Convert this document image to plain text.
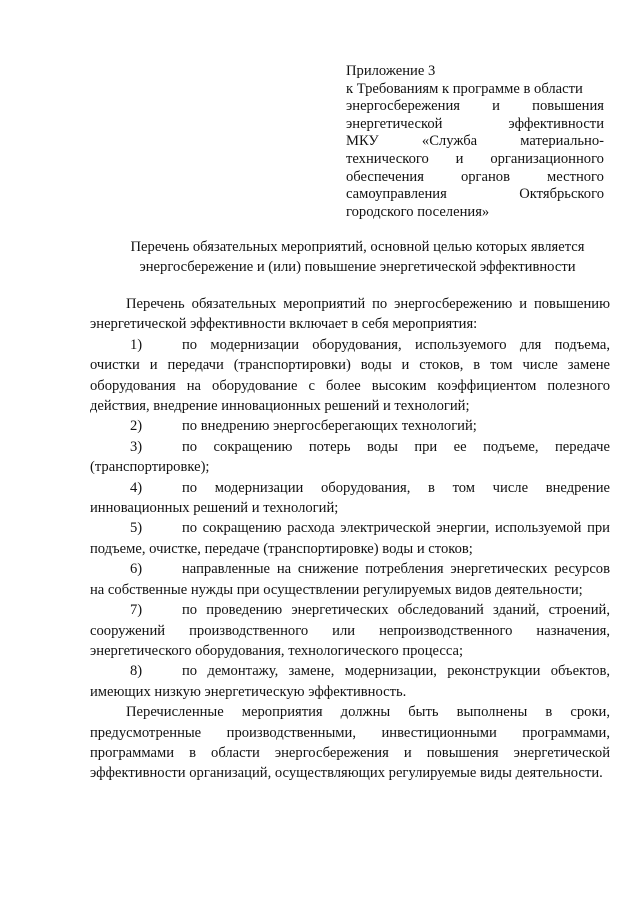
Приложение 3
к Требованиям к программе в области
энергосбережения и повышения
энергетической	эффективности
МКУ	«Служба	материально-
технического и организационного
обеспечения	органов	местного
самоуправления	Октябрьского
городского поселения»
Перечень обязательных мероприятий, основной целью которых является
энергосбережение и (или) повышение энергетической эффективности

Перечень обязательных мероприятий по энергосбережению и повышению энергетической эффективности включает в себя мероприятия:

1)	по модернизации оборудования, используемого для подъема, очистки и передачи (транспортировки) воды и стоков, в том числе замене оборудования на оборудование с более высоким коэффициентом полезного действия, внедрение инновационных решений и технологий;

2)	по внедрению энергосберегающих технологий;

3)	по сокращению потерь воды при ее подъеме, передаче (транспортировке);

4)	по модернизации оборудования, в том числе внедрение инновационных решений и технологий;

5)	по сокращению расхода электрической энергии, используемой при подъеме, очистке, передаче (транспортировке) воды и стоков;

6)	направленные на снижение потребления энергетических ресурсов на собственные нужды при осуществлении регулируемых видов деятельности;

7)	по проведению энергетических обследований зданий, строений, сооружений производственного или непроизводственного назначения, энергетического оборудования, технологического процесса;

8)	по демонтажу, замене, модернизации, реконструкции объектов, имеющих низкую энергетическую эффективность.

Перечисленные мероприятия должны быть выполнены в сроки, предусмотренные производственными, инвестиционными программами, программами в области энергосбережения и повышения энергетической эффективности организаций, осуществляющих регулируемые виды деятельности.
